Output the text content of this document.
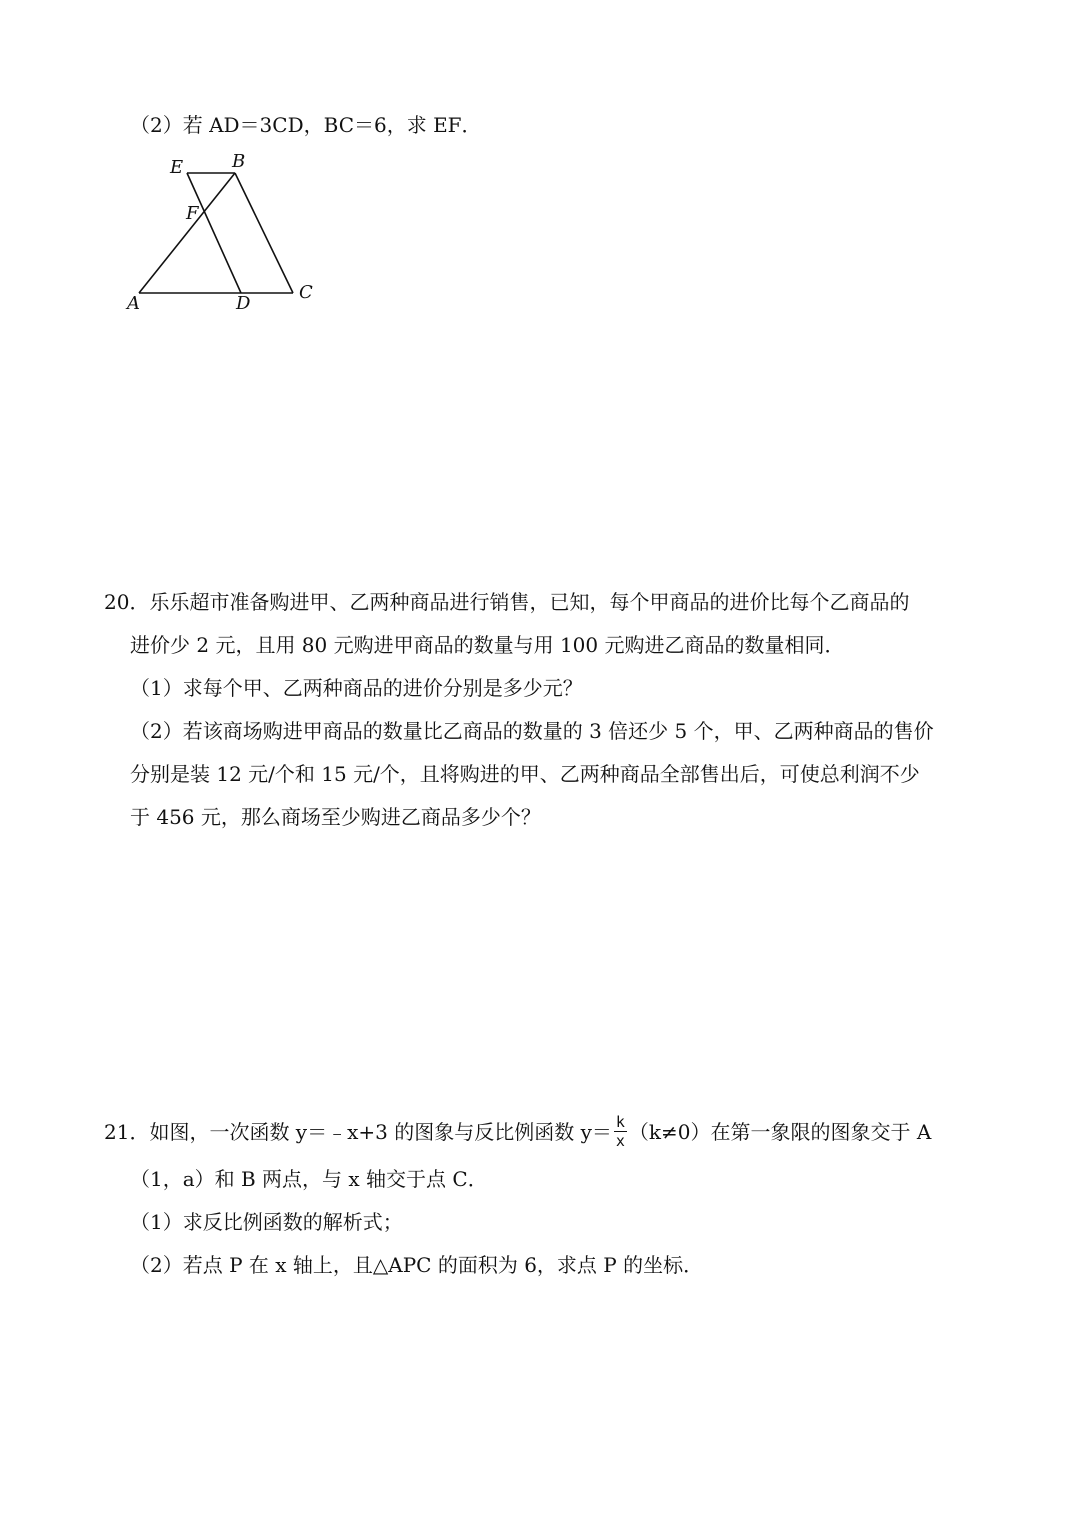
（2）若 AD＝3CD，BC＝6，求 EF．
E	B
F
A	D
C
20．乐乐超市准备购进甲、乙两种商品进行销售，已知，每个甲商品的进价比每个乙商品的
进价少 2 元，且用 80 元购进甲商品的数量与用 100 元购进乙商品的数量相同．
（1）求每个甲、乙两种商品的进价分别是多少元？
（2）若该商场购进甲商品的数量比乙商品的数量的 3 倍还少 5 个，甲、乙两种商品的售价
分别是装 12 元/个和 15 元/个，且将购进的甲、乙两种商品全部售出后，可使总利润不少
于 456 元，那么商场至少购进乙商品多少个？
21．如图，一次函数 y＝﹣x+3 的图象与反比例函数 $y= \frac{k}{x} (k\ne 0)$在第一象限的图象交于 A
（1，a）和 B 两点，与 x 轴交于点 C．
（1）求反比例函数的解析式；
（2）若点 P 在 x 轴上，且△APC 的面积为 6，求点 P 的坐标．
